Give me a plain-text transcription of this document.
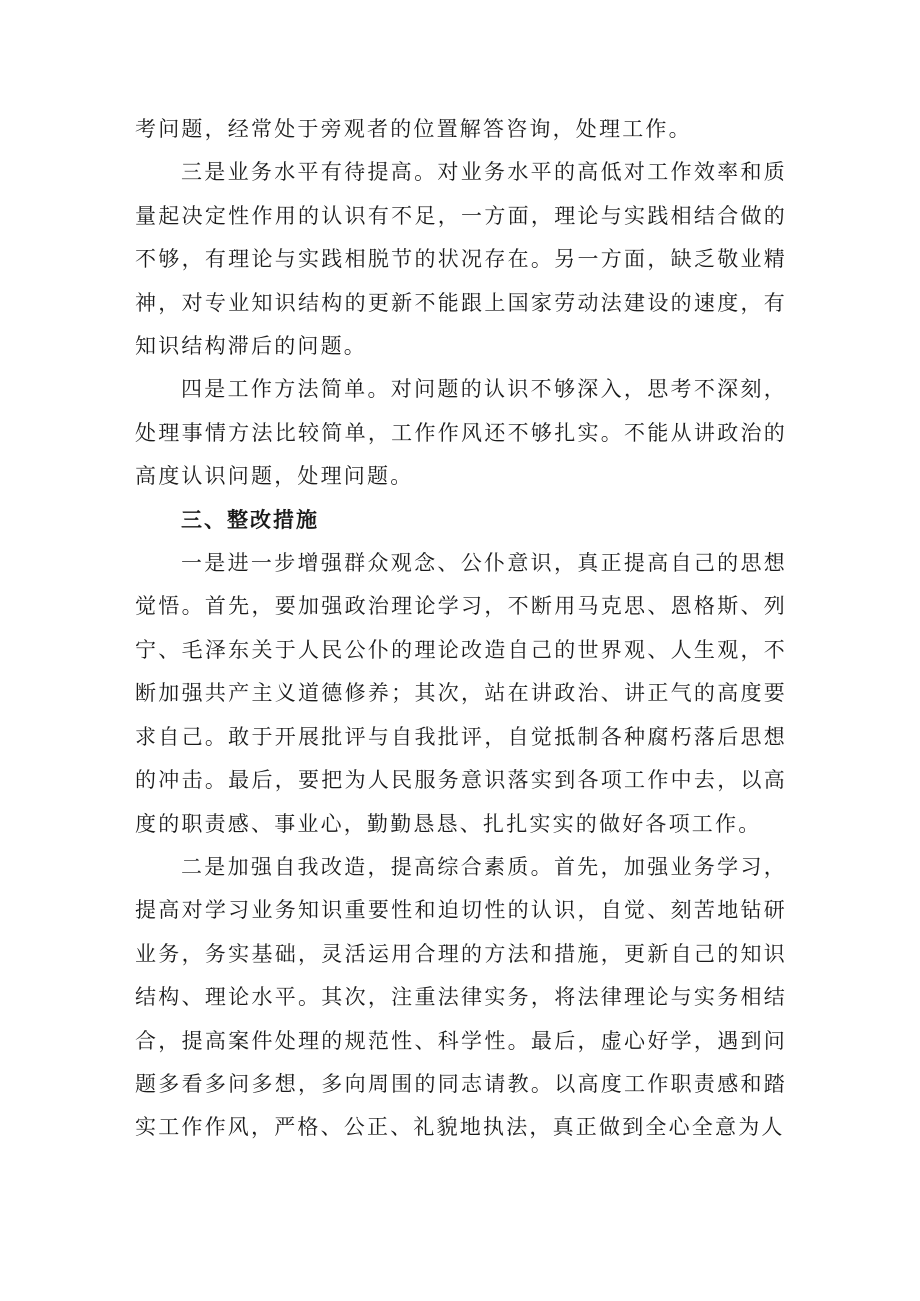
考问题，经常处于旁观者的位置解答咨询，处理工作。

三是业务水平有待提高。对业务水平的高低对工作效率和质量起决定性作用的认识有不足，一方面，理论与实践相结合做的不够，有理论与实践相脱节的状况存在。另一方面，缺乏敬业精神，对专业知识结构的更新不能跟上国家劳动法建设的速度，有知识结构滞后的问题。

四是工作方法简单。对问题的认识不够深入，思考不深刻，处理事情方法比较简单，工作作风还不够扎实。不能从讲政治的高度认识问题，处理问题。

三、整改措施

一是进一步增强群众观念、公仆意识，真正提高自己的思想觉悟。首先，要加强政治理论学习，不断用马克思、恩格斯、列宁、毛泽东关于人民公仆的理论改造自己的世界观、人生观，不断加强共产主义道德修养；其次，站在讲政治、讲正气的高度要求自己。敢于开展批评与自我批评，自觉抵制各种腐朽落后思想的冲击。最后，要把为人民服务意识落实到各项工作中去，以高度的职责感、事业心，勤勤恳恳、扎扎实实的做好各项工作。

二是加强自我改造，提高综合素质。首先，加强业务学习，提高对学习业务知识重要性和迫切性的认识，自觉、刻苦地钻研业务，务实基础，灵活运用合理的方法和措施，更新自己的知识结构、理论水平。其次，注重法律实务，将法律理论与实务相结合，提高案件处理的规范性、科学性。最后，虚心好学，遇到问题多看多问多想，多向周围的同志请教。以高度工作职责感和踏实工作作风，严格、公正、礼貌地执法，真正做到全心全意为人
